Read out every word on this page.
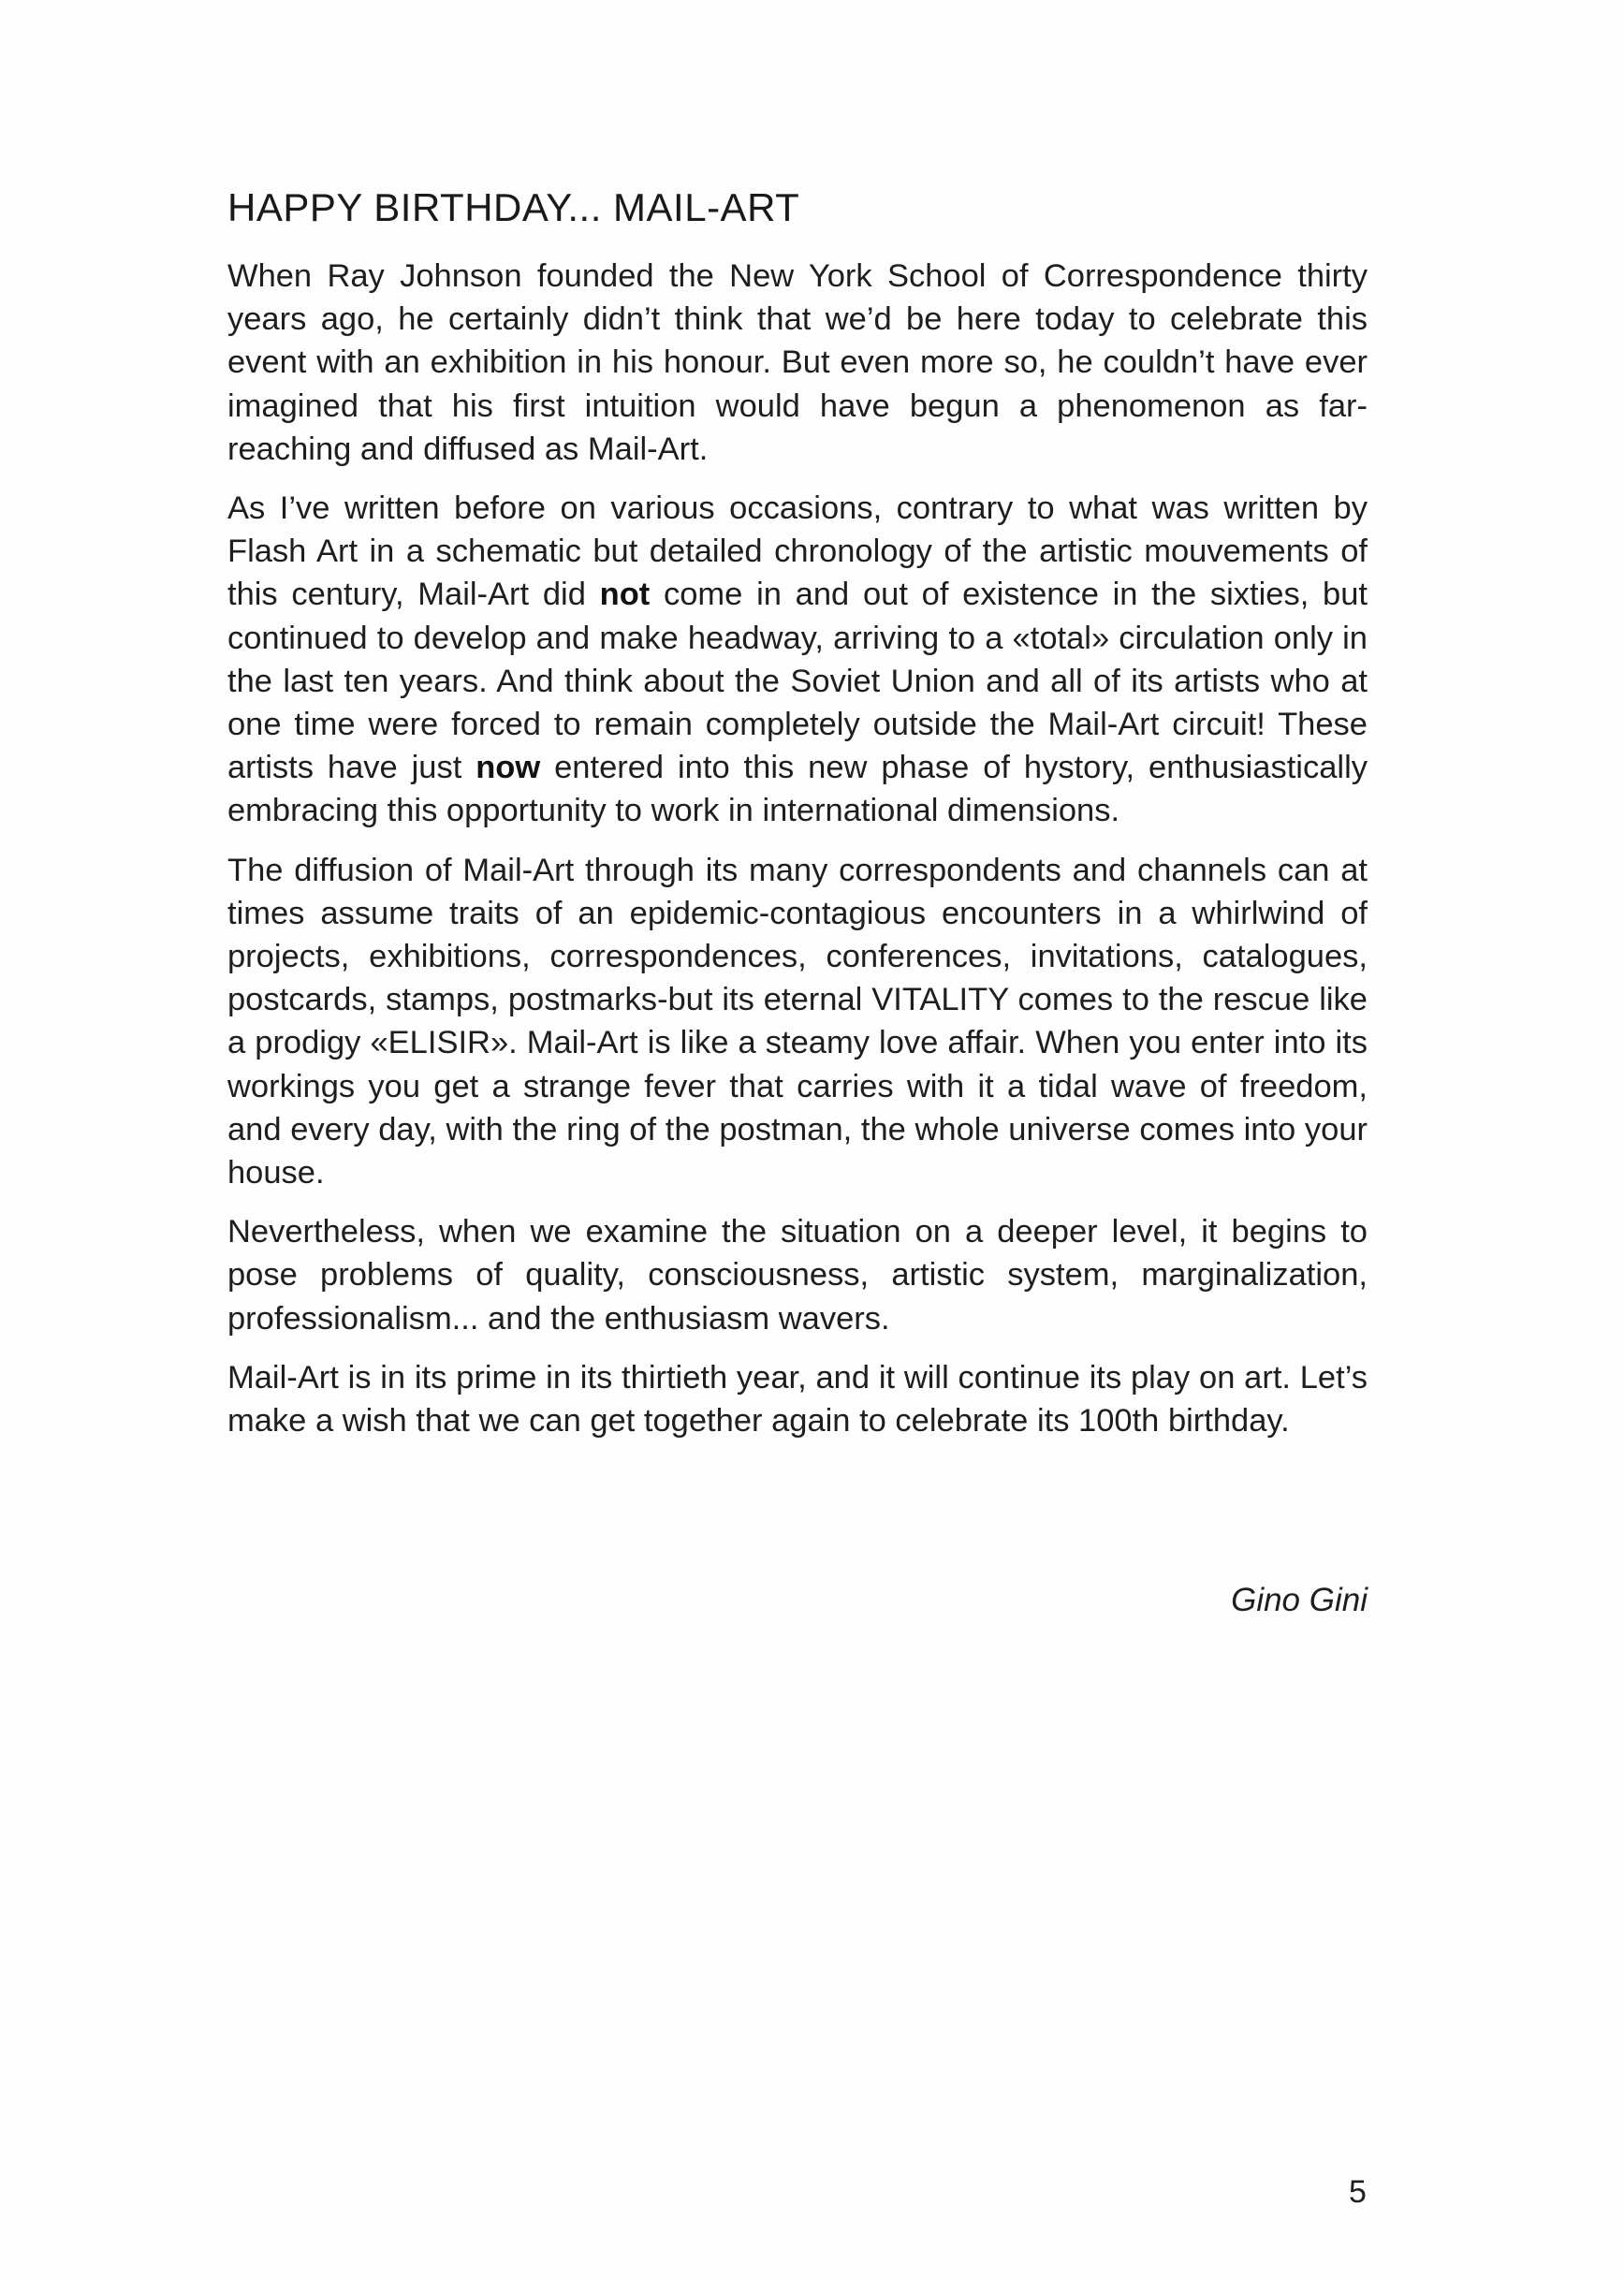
HAPPY BIRTHDAY... MAIL-ART

When Ray Johnson founded the New York School of Correspondence thirty years ago, he certainly didn’t think that we’d be here today to celebrate this event with an exhibition in his honour. But even more so, he couldn’t have ever imagined that his first intuition would have begun a phenomenon as far-reaching and diffused as Mail-Art.

As I’ve written before on various occasions, contrary to what was written by Flash Art in a schematic but detailed chronology of the artistic mouvements of this century, Mail-Art did not come in and out of existence in the sixties, but continued to develop and make headway, arriving to a «total» circulation only in the last ten years. And think about the Soviet Union and all of its artists who at one time were forced to remain completely outside the Mail-Art circuit! These artists have just now entered into this new phase of hystory, enthusiastically embracing this opportunity to work in international dimensions.

The diffusion of Mail-Art through its many correspondents and channels can at times assume traits of an epidemic-contagious encounters in a whirlwind of projects, exhibitions, correspondences, conferences, invitations, catalogues, postcards, stamps, postmarks-but its eternal VITALITY comes to the rescue like a prodigy «ELISIR». Mail-Art is like a steamy love affair. When you enter into its workings you get a strange fever that carries with it a tidal wave of freedom, and every day, with the ring of the postman, the whole universe comes into your house.

Nevertheless, when we examine the situation on a deeper level, it begins to pose problems of quality, consciousness, artistic system, marginalization, professionalism... and the enthusiasm wavers.

Mail-Art is in its prime in its thirtieth year, and it will continue its play on art. Let’s make a wish that we can get together again to celebrate its 100th birthday.

Gino Gini
5
